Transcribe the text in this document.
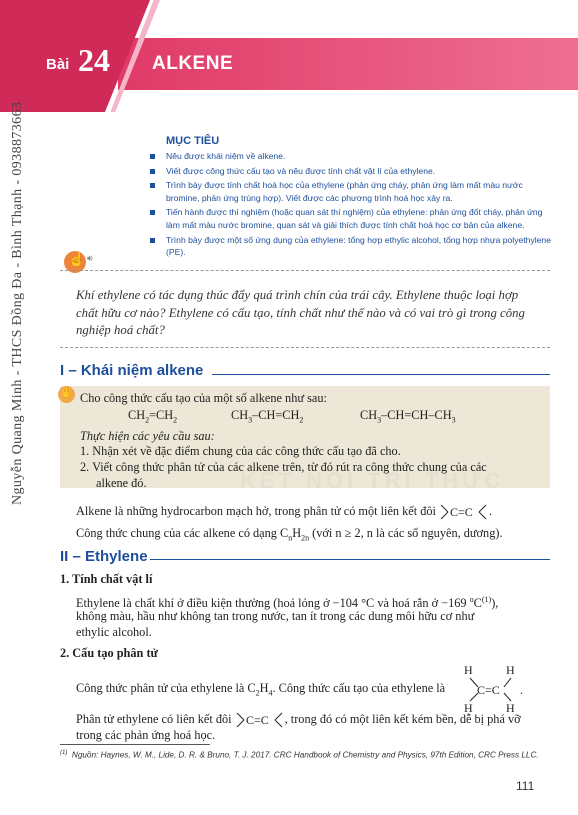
Bài 24 ALKENE
Nguyễn Quang Minh - THCS Đồng Đa - Bình Thạnh - 0938873663	MỤC TIÊU
Nêu được khái niệm về alkene.
Viết được công thức cấu tạo và nêu được tính chất vật lí của ethylene.
Trình bày được tính chất hoá học của ethylene (phản ứng cháy, phản ứng làm mất màu nước bromine, phản ứng trùng hợp). Viết được các phương trình hoá học xảy ra.
Tiến hành được thí nghiệm (hoặc quan sát thí nghiệm) của ethylene: phản ứng đốt cháy, phản ứng làm mất màu nước bromine, quan sát và giải thích được tính chất hoá học cơ bản của alkene.
Trình bày được một số ứng dụng của ethylene: tổng hợp ethylic alcohol, tổng hợp nhựa polyethylene (PE).
☝
🔊︎
Khí ethylene có tác dụng thúc đẩy quá trình chín của trái cây. Ethylene thuộc loại hợp chất hữu cơ nào? Ethylene có cấu tạo, tính chất như thế nào và có vai trò gì trong công nghiệp hoá chất?
I – Khái niệm alkene
KẾT NỐI TRI THỨC
✋
Cho công thức cấu tạo của một số alkene như sau:
$CH_2=CH_2$	$CH_3-CH=CH_2$	$CH_3-CH=CH-CH_3$
Thực hiện các yêu cầu sau:
1. Nhận xét về đặc điểm chung của các công thức cấu tạo đã cho.
2. Viết công thức phân tử của các alkene trên, từ đó rút ra công thức chung của các
alkene đó.
Alkene là những hydrocarbon mạch hở, trong phân tử có một liên kết đôi C=C .
Công thức chung của các alkene có dạng $C_nH_{2n}$ (với n ≥ 2, n là các số nguyên, dương).
II – Ethylene
1. Tính chất vật lí
Ethylene là chất khí ở điều kiện thường (hoá lỏng ở −104 °C và hoá rắn ở −169 $^oC^{(1)}$),
không màu, hầu như không tan trong nước, tan ít trong các dung môi hữu cơ như
ethylic alcohol.
2. Cấu tạo phân tử
Công thức phân tử của ethylene là $C_2H_4$. Công thức cấu tạo của ethylene là
H	H
H	H
C=C .
Phân tử ethylene có liên kết đôi C=C , trong đó có một liên kết kém bền, dễ bị phá vỡ
trong các phản ứng hoá học.
$^{(1)}$ Nguồn: Haynes, W. M., Lide, D. R. & Bruno, T. J. 2017. CRC Handbook of Chemistry and Physics, 97th Edition, CRC Press LLC.
111
